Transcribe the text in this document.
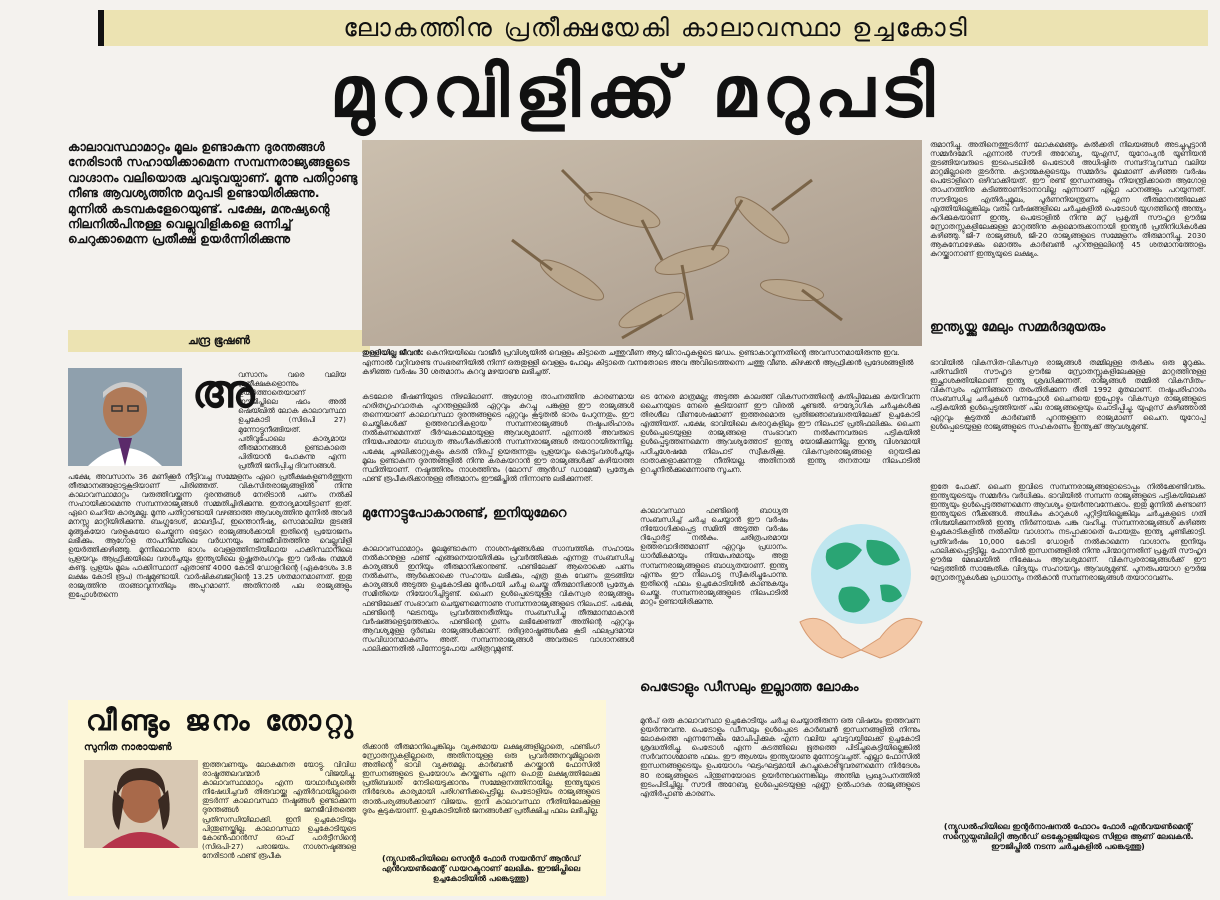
ലോകത്തിനു പ്രതീക്ഷയേകി കാലാവസ്ഥാ ഉച്ചകോടി
മുറവിളിക്ക് മറുപടി
കാലാവസ്ഥാമാറ്റം മൂലം ഉണ്ടാകുന്ന ദുരന്തങ്ങൾ നേരിടാൻ സഹായിക്കാമെന്ന സമ്പന്നരാജ്യങ്ങളുടെ വാഗ്ദാനം വലിയൊരു ചുവടുവയ്പാണ്. മൂന്നു പതിറ്റാണ്ടു നീണ്ട ആവശ്യത്തിനു മറുപടി ഉണ്ടായിരിക്കുന്നു. മുന്നിൽ കടമ്പകളേറെയുണ്ട്. പക്ഷേ, മനുഷ്യന്റെ നിലനിൽപിനുള്ള വെല്ലുവിളികളെ ഒന്നിച്ച് ചെറുക്കാമെന്ന പ്രതീക്ഷ ഉയർന്നിരിക്കുന്നു
ചന്ദ്ര ഭൂഷൺ
അ
വസാനം വരെ വലിയ പ്രതീക്ഷകളൊന്നും ഉയർത്താതെയാണ് ഈജിപ്തിലെ ഷാം അൽ ഷെയ്ഖിൽ ലോക കാലാവസ്ഥാ ഉച്ചകോടി (സിഒപി 27) മുന്നോട്ടുനീങ്ങിയത്. പതിവുപോലെ കാര്യമായ തീരുമാനങ്ങൾ ഉണ്ടാകാതെ പിരിയാൻ പോകുന്നു എന്ന പ്രതീതി ജനിപ്പിച്ച ദിവസങ്ങൾ.
പക്ഷേ, അവസാനം 36 മണിക്കൂർ നീട്ടിവച്ച സമ്മേളനം ഏറെ പ്രതീക്ഷകളുണർത്തുന്ന തീരുമാനങ്ങളോടുകൂടിയാണ് പിരിഞ്ഞത്. വികസിതരാജ്യങ്ങളിൽ നിന്നു കാലാവസ്ഥാമാറ്റം വരുത്തിവയ്ക്കുന്ന ദുരന്തങ്ങൾ നേരിടാൻ പണം നൽകി സഹായിക്കാമെന്നു സമ്പന്നരാജ്യങ്ങൾ സമ്മതിച്ചിരിക്കുന്നു. ഇതാദ്യമായിട്ടാണ് ഇത്. ഏറെ ചെറിയ കാര്യമല്ല. മൂന്നു പതിറ്റാണ്ടായി വഴങ്ങാത്ത ആവശ്യത്തിനു മുന്നിൽ അവർ മനസ്സു മാറ്റിയിരിക്കുന്നു. ബംഗ്ലദേശ്, മാലദ്വീപ്, ഇന്തൊനീഷ്യ, സൊമാലിയ തുടങ്ങി മുങ്ങുകയോ വരളുകയോ ചെയ്യുന്ന ഒട്ടേറെ രാജ്യങ്ങൾക്കായി ഇതിന്റെ പ്രയോജനം ലഭിക്കും. ആഗോള താപനിലയിലെ വർധനയും ജനജീവിതത്തിനു വെല്ലുവിളി ഉയർത്തിക്കഴിഞ്ഞു. മൂന്നിലൊന്നു ഭാഗം വെള്ളത്തിനടിയിലായ പാക്കിസ്ഥാനിലെ പ്രളയവും ആഫ്രിക്കയിലെ വരൾച്ചയും ഇന്ത്യയിലെ ഉഷ്ണതരംഗവും ഈ വർഷം നമ്മൾ കണ്ടു. പ്രളയം മൂലം പാക്കിസ്ഥാന് ഏതാണ്ട് 4000 കോടി ഡോളറിന്റെ (ഏകദേശം 3.8 ലക്ഷം കോടി രൂപ) നഷ്ടമുണ്ടായി. വാർഷികബജറ്റിന്റെ 13.25 ശതമാനമാണത്. ഇതു രാജ്യത്തിനു താങ്ങാവുന്നതിലും അപ്പുറമാണ്. അതിനാൽ പല രാജ്യങ്ങളും ഇപ്പോൾതന്നെ
തുള്ളിയില്ല ജീവൻ: കെനിയയിലെ വാജീർ പ്രവിശ്യയിൽ വെള്ളം കിട്ടാതെ ചത്തുവീണ ആറു ജിറാഫുകളുടെ ജഡം. ഉണ്ടാകാവുന്നതിന്റെ അവസാനമായിരുന്നു ഇവ. എന്നാൽ വറ്റിവരണ്ട സംഭരണിയിൽ നിന്ന് ഒരുതുള്ളി വെള്ളം പോലും കിട്ടാതെ വന്നതോടെ അവ അവിടെത്തന്നെ ചത്തു വീണു. കിഴക്കൻ ആഫ്രിക്കൻ പ്രദേശങ്ങളിൽ കഴിഞ്ഞ വർഷം 30 ശതമാനം കുറവു മഴയാണു ലഭിച്ചത്.
കടലോര ഭീഷണിയുടെ നിഴലിലാണ്. ആഗോള താപനത്തിനു കാരണമായ ഹരിതഗൃഹവാതക പുറന്തള്ളലിൽ ഏറ്റവും കുറച്ചു പങ്കുള്ള ഈ രാജ്യങ്ങൾ തന്നെയാണ് കാലാവസ്ഥാ ദുരന്തങ്ങളുടെ ഏറ്റവും കൂടുതൽ ഭാരം പേറുന്നതും. ഈ ചെയ്തികൾക്ക് ഉത്തരവാദികളായ സമ്പന്നരാജ്യങ്ങൾ നഷ്ടപരിഹാരം നൽകണമെന്നത് ദീർഘകാലമായുള്ള ആവശ്യമാണ്. എന്നാൽ അവരുടെ നിയമപരമായ ബാധ്യത അംഗീകരിക്കാൻ സമ്പന്നരാജ്യങ്ങൾ തയാറായിരുന്നില്ല. പക്ഷേ, ചുഴലിക്കാറ്റുകളും കടൽ നിരപ്പ് ഉയരുന്നതും പ്രളയവും കൊടുംവരൾച്ചയും മൂലം ഉണ്ടാകുന്ന ദുരന്തങ്ങളിൽ നിന്നു കരകയറാൻ ഈ രാജ്യങ്ങൾക്ക് കഴിയാത്ത സ്ഥിതിയാണ്. നഷ്ടത്തിനും നാശത്തിനും (ലോസ് ആൻഡ് ഡാമേജ്) പ്രത്യേക ഫണ്ട് രൂപീകരിക്കാനുള്ള തീരുമാനം ഈജിപ്തിൽ നിന്നാണു ലഭിക്കുന്നത്.
മുന്നോട്ടുപോകാനുണ്ട്, ഇനിയുമേറെ
കാലാവസ്ഥാമാറ്റം മൂലമുണ്ടാകുന്ന നാശനഷ്ടങ്ങൾക്കു സാമ്പത്തിക സഹായം നൽകാനുള്ള ഫണ്ട് എങ്ങനെയായിരിക്കും പ്രവർത്തിക്കുക എന്നതു സംബന്ധിച്ച കാര്യങ്ങൾ ഇനിയും തീരുമാനിക്കാനുണ്ട്. ഫണ്ടിലേക്ക് ആരൊക്കെ പണം നൽകണം, ആർക്കൊക്കെ സഹായം ലഭിക്കും, എത്ര തുക വേണം തുടങ്ങിയ കാര്യങ്ങൾ അടുത്ത ഉച്ചകോടിക്കു മുൻപായി ചർച്ച ചെയ്തു തീരുമാനിക്കാൻ പ്രത്യേക സമിതിയെ നിയോഗിച്ചിട്ടുണ്ട്. ചൈന ഉൾപ്പെടെയുള്ള വികസ്വര രാജ്യങ്ങളും ഫണ്ടിലേക്ക് സംഭാവന ചെയ്യണമെന്നാണു സമ്പന്നരാജ്യങ്ങളുടെ നിലപാട്. പക്ഷേ, ഫണ്ടിന്റെ ഘടനയും പ്രവർത്തനരീതിയും സംബന്ധിച്ചു തീരുമാനമാകാൻ വർഷങ്ങളെടുത്തേക്കാം. ഫണ്ടിന്റെ ഗുണം ലഭിക്കേണ്ടത് അതിന്റെ ഏറ്റവും ആവശ്യമുള്ള ദുർബല രാജ്യങ്ങൾക്കാണ്. ദരിദ്രരാഷ്ട്രങ്ങൾക്കു കൂടി ഫലപ്രദമായ സംവിധാനമാകണം അത്. സമ്പന്നരാജ്യങ്ങൾ അവരുടെ വാഗ്ദാനങ്ങൾ പാലിക്കുന്നതിൽ പിന്നോട്ടുപോയ ചരിത്രവുമുണ്ട്.
ടെ നേരെ മാത്രമല്ല; അടുത്ത കാലത്ത് വികസനത്തിന്റെ കുതിപ്പിലേക്കു കയറിവന്ന ചൈനയുടെ നേരെ കൂടിയാണ് ഈ വിരൽ ചൂണ്ടൽ. ഔദ്യോഗിക ചർച്ചകൾക്കു തിരശീല വീണശേഷമാണ് ഇത്തരമൊരു പ്രതിജ്ഞാബദ്ധതയിലേക്ക് ഉച്ചകോടി എത്തിയത്. പക്ഷേ, ഭാവിയിലെ കരാറുകളിലും ഈ നിലപാട് പ്രതിഫലിക്കും. ചൈന ഉൾപ്പെടെയുള്ള രാജ്യങ്ങളെ സംഭാവന നൽകുന്നവരുടെ പട്ടികയിൽ ഉൾപ്പെടുത്തണമെന്ന ആവശ്യത്തോട് ഇന്ത്യ യോജിക്കുന്നില്ല. ഇന്ത്യ വിശദമായി പഠിച്ചശേഷമേ നിലപാട് സ്വീകരിക്കൂ. വികസ്വരരാജ്യങ്ങളെ ഒറ്റയടിക്കു ദാതാക്കളാക്കുന്നതു നീതിയല്ല. അതിനാൽ ഇന്ത്യ തനതായ നിലപാടിൽ ഉറച്ചുനിൽക്കുമെന്നാണു സൂചന.
കാലാവസ്ഥാ ഫണ്ടിന്റെ ബാധ്യത സംബന്ധിച്ച് ചർച്ച ചെയ്യാൻ ഈ വർഷം നിയോഗിക്കപ്പെട്ട സമിതി അടുത്ത വർഷം റിപ്പോർട്ട് നൽകും. ചരിത്രപരമായ ഉത്തരവാദിത്തമാണ് ഏറ്റവും പ്രധാനം. ധാർമികമായും നിയമപരമായും അതു സമ്പന്നരാജ്യങ്ങളുടെ ബാധ്യതയാണ്. ഇന്ത്യ എന്നും ഈ നിലപാടു സ്വീകരിച്ചുപോന്നു. ഇതിന്റെ ഫലം ഉച്ചകോടിയിൽ കാണുകയും ചെയ്തു. സമ്പന്നരാജ്യങ്ങളുടെ നിലപാടിൽ മാറ്റം ഉണ്ടായിരിക്കുന്നു.
പെട്രോളും ഡീസലും ഇല്ലാത്ത ലോകം
മുൻപ് ഒരു കാലാവസ്ഥാ ഉച്ചകോടിയും ചർച്ച ചെയ്യാതിരുന്ന ഒരു വിഷയം ഇത്തവണ ഉയർന്നുവന്നു. പെട്രോളും ഡീസലും ഉൾപ്പെടെ കാർബൺ ഇന്ധനങ്ങളിൽ നിന്നും ലോകത്തെ എന്നന്നേക്കും മോചിപ്പിക്കുക എന്ന വലിയ ചുവടുവയ്പിലേക്ക് ഉച്ചകോടി ശ്രദ്ധതിരിച്ചു. പെട്രോൾ എന്ന കുടത്തിലെ ഭൂതത്തെ പിടിച്ചുകെട്ടിയില്ലെങ്കിൽ സർവനാശമാണു ഫലം. ഈ ആശയം ഇന്ത്യയാണു മുന്നോട്ടുവച്ചത്. എല്ലാ ഫോസിൽ ഇന്ധനങ്ങളുടെയും ഉപയോഗം ഘട്ടംഘട്ടമായി കുറച്ചുകൊണ്ടുവരണമെന്ന നിർദേശം 80 രാജ്യങ്ങളുടെ പിന്തുണയോടെ ഉയർന്നുവന്നെങ്കിലും അന്തിമ പ്രഖ്യാപനത്തിൽ ഇടംപിടിച്ചില്ല. സൗദി അറേബ്യ ഉൾപ്പെടെയുള്ള എണ്ണ ഉൽപാദക രാജ്യങ്ങളുടെ എതിർപ്പാണു കാരണം.
രുമാനിച്ചു. അതിനെത്തുടർന്ന് ലോകമെങ്ങും കൽക്കരി നിലയങ്ങൾ അടച്ചുപൂട്ടാൻ സമ്മർദമേറി. എന്നാൽ സൗദി അറേബ്യ, യുഎസ്, യുറോപ്യൻ യൂണിയൻ തുടങ്ങിയവരുടെ ഇടപെടലിൽ പെട്രോൾ അധിഷ്ഠിത സമ്പദ്‌വ്യവസ്ഥ വലിയ മാറ്റമില്ലാതെ തുടർന്നു. കുട്ടാത്മകളുടെയും സമ്മർദം മൂലമാണ് കഴിഞ്ഞ വർഷം പെട്രോളിനെ ഒഴിവാക്കിയത്. ഈ രണ്ട് ഇന്ധനങ്ങളും നിയന്ത്രിക്കാതെ ആഗോള താപനത്തിനു കടിഞ്ഞാണിടാനാവില്ല എന്നാണ് എല്ലാ പഠനങ്ങളും പറയുന്നത്. സൗദിയുടെ എതിർപ്പുമൂലം, പൂർണനിയന്ത്രണം എന്ന തീരുമാനത്തിലേക്ക് എത്തിയില്ലെങ്കിലും വരും വർഷങ്ങളിലെ ചർച്ചകളിൽ പെട്രോൾ യുഗത്തിന്റെ അന്ത്യം കുറിക്കുകയാണ് ഇന്ത്യ. പെട്രോളിൽ നിന്നു മറ്റ് പ്രകൃതി സൗഹൃദ ഊർജ സ്രോതസ്സുകളിലേക്കുള്ള മാറ്റത്തിനു കളമൊരുക്കാനായി ഇന്ത്യൻ പ്രതിനിധികൾക്കു കഴിഞ്ഞു. ജി-7 രാജ്യങ്ങൾ, ജി-20 രാജ്യങ്ങളുടെ സമ്മേളനം തിരുമാനിച്ചു. 2030 ആകുമ്പോഴേക്കും മൊത്തം കാർബൺ പുറന്തള്ളലിന്റെ 45 ശതമാനത്തോളം കുറയ്ക്കാനാണ് ഇന്ത്യയുടെ ലക്ഷ്യം.
ഇന്ത്യയ്ക്കു മേലും സമ്മർദമുയരും
ഭാവിയിൽ വികസിത-വികസ്വര രാജ്യങ്ങൾ തമ്മിലുള്ള തർക്കം ഒരു മുറുക്കും. പരിസ്ഥിതി സൗഹൃദ ഊർജ സ്രോതസ്സുകളിലേക്കുള്ള മാറ്റത്തിനുള്ള ഇച്ഛാശക്തിയിലാണ് ഇന്ത്യ ശ്രദ്ധിക്കുന്നത്. രാജ്യങ്ങൾ തമ്മിൽ വികസിതം-വികസ്വരം എന്നിങ്ങനെ തരംതിരിക്കുന്ന രീതി 1992 മുതലാണ്. നഷ്ടപരിഹാരം സംബന്ധിച്ച ചർച്ചകൾ വന്നപ്പോൾ ചൈനയെ ഇപ്പോഴും വികസ്വര രാജ്യങ്ങളുടെ പട്ടികയിൽ ഉൾപ്പെടുത്തിയത് പല രാജ്യങ്ങളെയും ചൊടിപ്പിച്ചു. യുഎസ് കഴിഞ്ഞാൽ ഏറ്റവും കൂടുതൽ കാർബൺ പുറന്തള്ളുന്ന രാജ്യമാണ് ചൈന. യൂറോപ്പ് ഉൾപ്പെടെയുള്ള രാജ്യങ്ങളുടെ സഹകരണം ഇന്ത്യക്ക് ആവശ്യമുണ്ട്.
ഇതേ പോക്ക്. ചൈന ഇവിടെ സമ്പന്നരാജ്യങ്ങളോടൊപ്പം നിൽക്കേണ്ടിവരും. ഇന്ത്യയുടെയും സമ്മർദം വർധിക്കും. ഭാവിയിൽ സമ്പന്ന രാജ്യങ്ങളുടെ പട്ടികയിലേക്ക് ഇന്ത്യയും ഉൾപ്പെടുത്തണമെന്ന ആവശ്യം ഉയർന്നുവന്നേക്കാം. ഇതു മുന്നിൽ കണ്ടാണ് ഇന്ത്യയുടെ നീക്കങ്ങൾ. അധികം കാറുകൾ പുറ്റിട്ടിയില്ലെങ്കിലും ചർച്ചകളുടെ ഗതി നിശ്ചയിക്കുന്നതിൽ ഇന്ത്യ നിർണായക പങ്കു വഹിച്ചു. സമ്പന്നരാജ്യങ്ങൾ കഴിഞ്ഞ ഉച്ചകോടികളിൽ നൽകിയ വാഗ്ദാനം നടപ്പാക്കാതെ പോയതും ഇന്ത്യ ചൂണ്ടിക്കാട്ടി. പ്രതിവർഷം 10,000 കോടി ഡോളർ നൽകാമെന്ന വാഗ്ദാനം ഇനിയും പാലിക്കപ്പെട്ടിട്ടില്ല. ഫോസിൽ ഇന്ധനങ്ങളിൽ നിന്നു പിന്മാറുന്നതിന് പ്രകൃതി സൗഹൃദ ഊർജ മേഖലയിൽ നിക്ഷേപം ആവശ്യമാണ്. വികസ്വരരാജ്യങ്ങൾക്ക് ഈ ഘട്ടത്തിൽ സാങ്കേതിക വിദ്യയും സഹായവും ആവശ്യമുണ്ട്. പുനരുപയോഗ ഊർജ സ്രോതസ്സുകൾക്കു പ്രാധാന്യം നൽകാൻ സമ്പന്നരാജ്യങ്ങൾ തയാറാവണം.
(ന്യൂഡൽഹിയിലെ ഇന്റർനാഷനൽ ഫോറം ഫോർ എൻവയൺമെന്റ് സസ്റ്റെയ്നബിലിറ്റി ആൻഡ് ടെക്നോളജിയുടെ സിഇഒ ആണ് ലേഖകൻ. ഈജിപ്തിൽ നടന്ന ചർച്ചകളിൽ പങ്കെടുത്തു)
വീണ്ടും ജനം തോറ്റു
സുനിത നാരായൺ
ഇത്തവണയും ലോകമനത യോട്ടു. വിവിധ രാഷ്ട്രത്തലവന്മാർ വിജയിച്ചു. കാലാവസ്ഥാമാറ്റം എന്ന യാഥാർഥ്യത്തെ നിഷേധിച്ചവർ തിരുവായ്ക്കു എതിർവായില്ലാതെ തുടർന്ന് കാലാവസ്ഥാ നഷ്ടങ്ങൾ ഉണ്ടാക്കുന്ന ദുരന്തങ്ങൾ ജനജീവിതത്തെ പ്രതിസന്ധിയിലാക്കി. ഇനി ഉച്ചകോടിയും പിന്തുണയ്ക്കില്ല. കാലാവസ്ഥാ ഉച്ചകോടിയുടെ കോൺഫറൻസ് ഓഫ് പാർട്ടീസിന്റെ (സിഒപി-27) പരാജയം. നാശനഷ്ടങ്ങളെ നേരിടാൻ ഫണ്ട് രൂപീക
രിക്കാൻ തീരുമാനിച്ചെങ്കിലും വ്യക്തമായ ലക്ഷ്യങ്ങളില്ലാതെ, ഫണ്ടിംഗ് സ്രോതസ്സുകളില്ലാതെ, അതിനായുള്ള ഒരു പ്രവർത്തനവുമില്ലാതെ അതിന്റെ ഭാവി വ്യക്തമല്ല. കാർബൺ കുറയ്ക്കാൻ ഫോസിൽ ഇന്ധനങ്ങളുടെ ഉപയോഗം കുറയ്ക്കണം എന്ന പൊതു ലക്ഷ്യത്തിലേക്കു പ്രതിബദ്ധത നേടിയെടുക്കാനും സമ്മേളനത്തിനായില്ല. ഇന്ത്യയുടെ നിർദേശം കാര്യമായി പരിഗണിക്കപ്പെട്ടില്ല. പെട്രോളിയം രാജ്യങ്ങളുടെ താൽപര്യങ്ങൾക്കാണ് വിജയം. ഇനി കാലാവസ്ഥാ നീതിയിലേക്കുള്ള ദൂരം കൂടുകയാണ്. ഉച്ചകോടിയിൽ ജനങ്ങൾക്ക് പ്രതീക്ഷിച്ച ഫലം ലഭിച്ചില്ല.
(ന്യൂഡൽഹിയിലെ സെന്റർ ഫോർ സയൻസ് ആൻഡ് എൻവയൺമെന്റ് ഡയറക്ടറാണ് ലേഖിക. ഈജിപ്തിലെ ഉച്ചകോടിയിൽ പങ്കെടുത്തു)
